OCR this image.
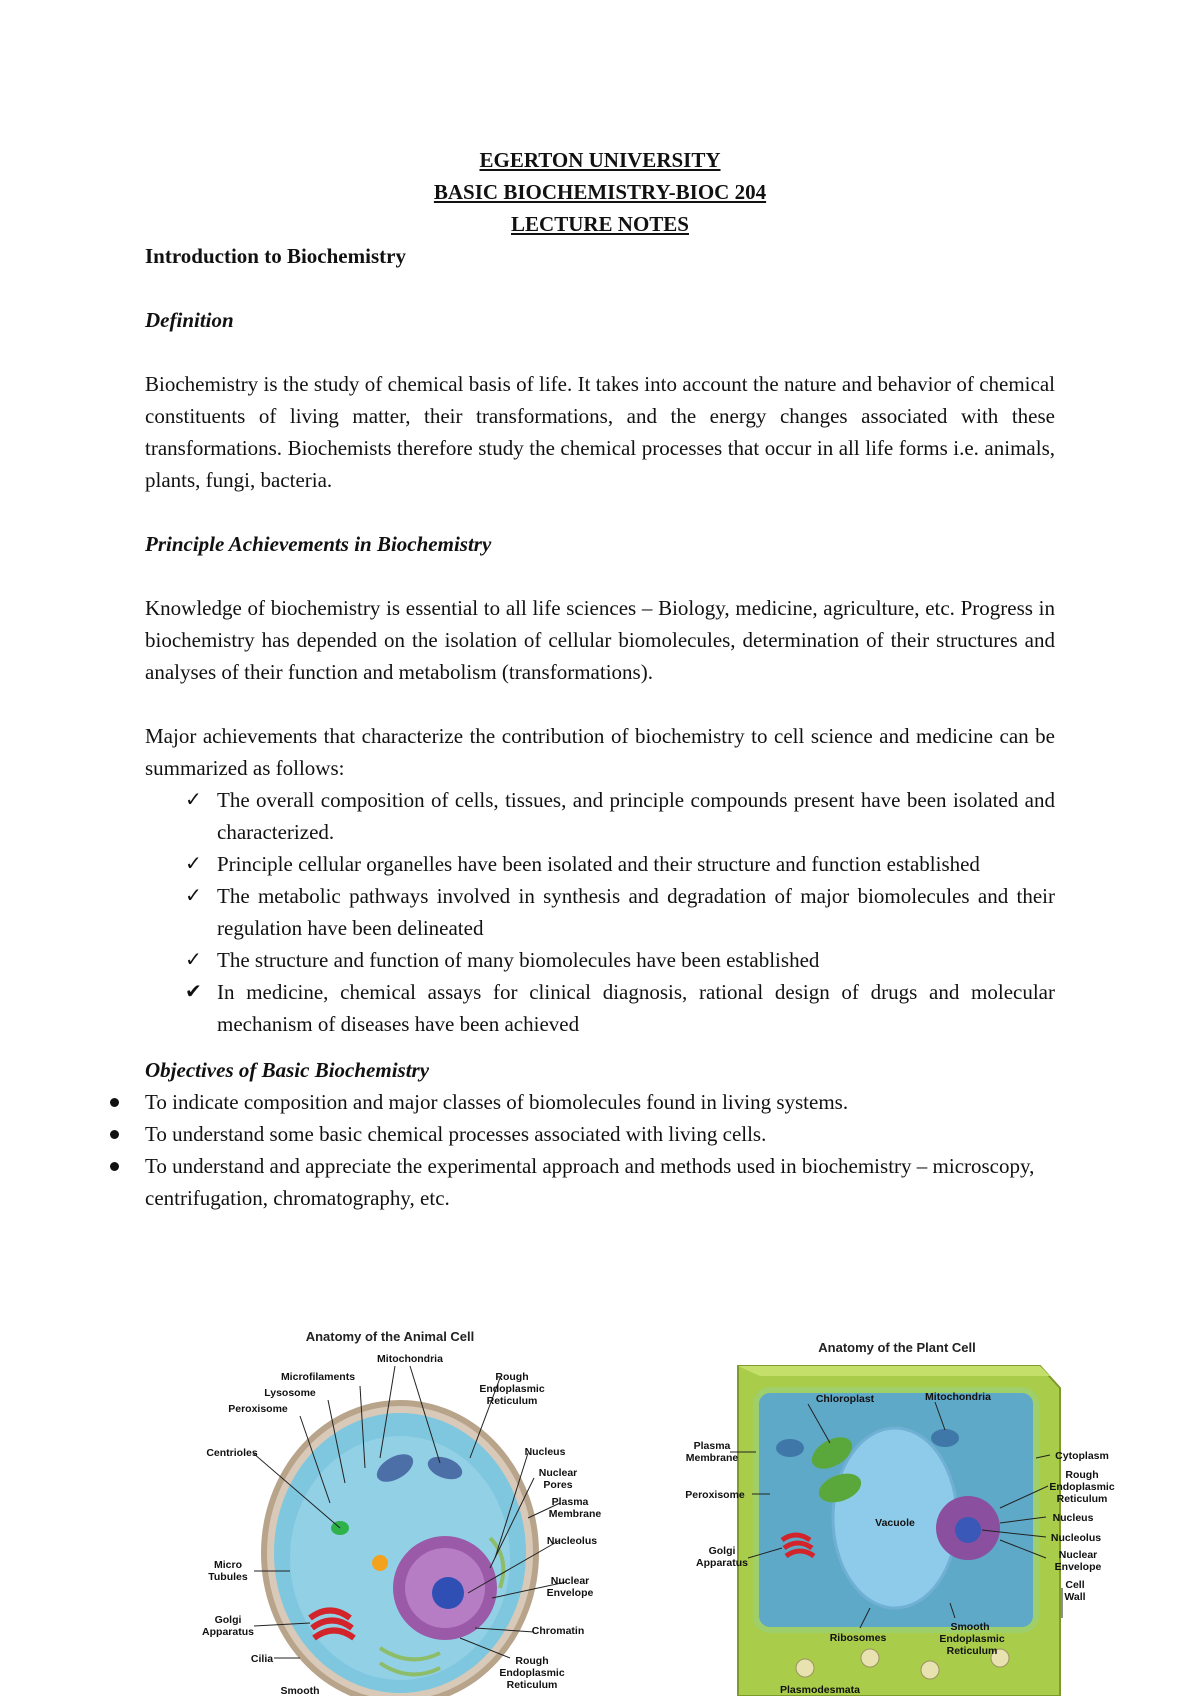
EGERTON UNIVERSITY

BASIC BIOCHEMISTRY-BIOC 204

LECTURE NOTES

Introduction to Biochemistry

Definition

Biochemistry is the study of chemical basis of life. It takes into account the nature and behavior of chemical constituents of living matter, their transformations, and the energy changes associated with these transformations. Biochemists therefore study the chemical processes that occur in all life forms i.e. animals, plants, fungi, bacteria.

Principle Achievements in Biochemistry

Knowledge of biochemistry is essential to all life sciences – Biology, medicine, agriculture, etc. Progress in biochemistry has depended on the isolation of cellular biomolecules, determination of their structures and analyses of their function and metabolism (transformations).

Major achievements that characterize the contribution of biochemistry to cell science and medicine can be summarized as follows:

✓ The overall composition of cells, tissues, and principle compounds present have been isolated and characterized.
✓ Principle cellular organelles have been isolated and their structure and function established
✓ The metabolic pathways involved in synthesis and degradation of major biomolecules and their regulation have been delineated
✓ The structure and function of many biomolecules have been established
✔ In medicine, chemical assays for clinical diagnosis, rational design of drugs and molecular mechanism of diseases have been achieved

Objectives of Basic Biochemistry

To indicate composition and major classes of biomolecules found in living systems.
To understand some basic chemical processes associated with living cells.
To understand and appreciate the experimental approach and methods used in biochemistry – microscopy, centrifugation, chromatography, etc.
Anatomy of the Animal Cell
Mitochondria
Microfilaments
Lysosome
Peroxisome
Centrioles
Micro
Tubules
Golgi
Apparatus
Cilia
Smooth
Rough
Endoplasmic
Reticulum
Nucleus
Nuclear
Pores
Plasma
Membrane
Nucleolus
Nuclear
Envelope
Chromatin
Rough
Endoplasmic
Reticulum
Anatomy of the Plant Cell
Chloroplast	Mitochondria
Plasma
Membrane
Peroxisome
Golgi
Apparatus
Vacuole
Cytoplasm
Rough
Endoplasmic
Reticulum
Nucleus
Nucleolus
Nuclear
Envelope
Cell
Wall
Ribosomes
Smooth
Endoplasmic
Reticulum
Plasmodesmata
